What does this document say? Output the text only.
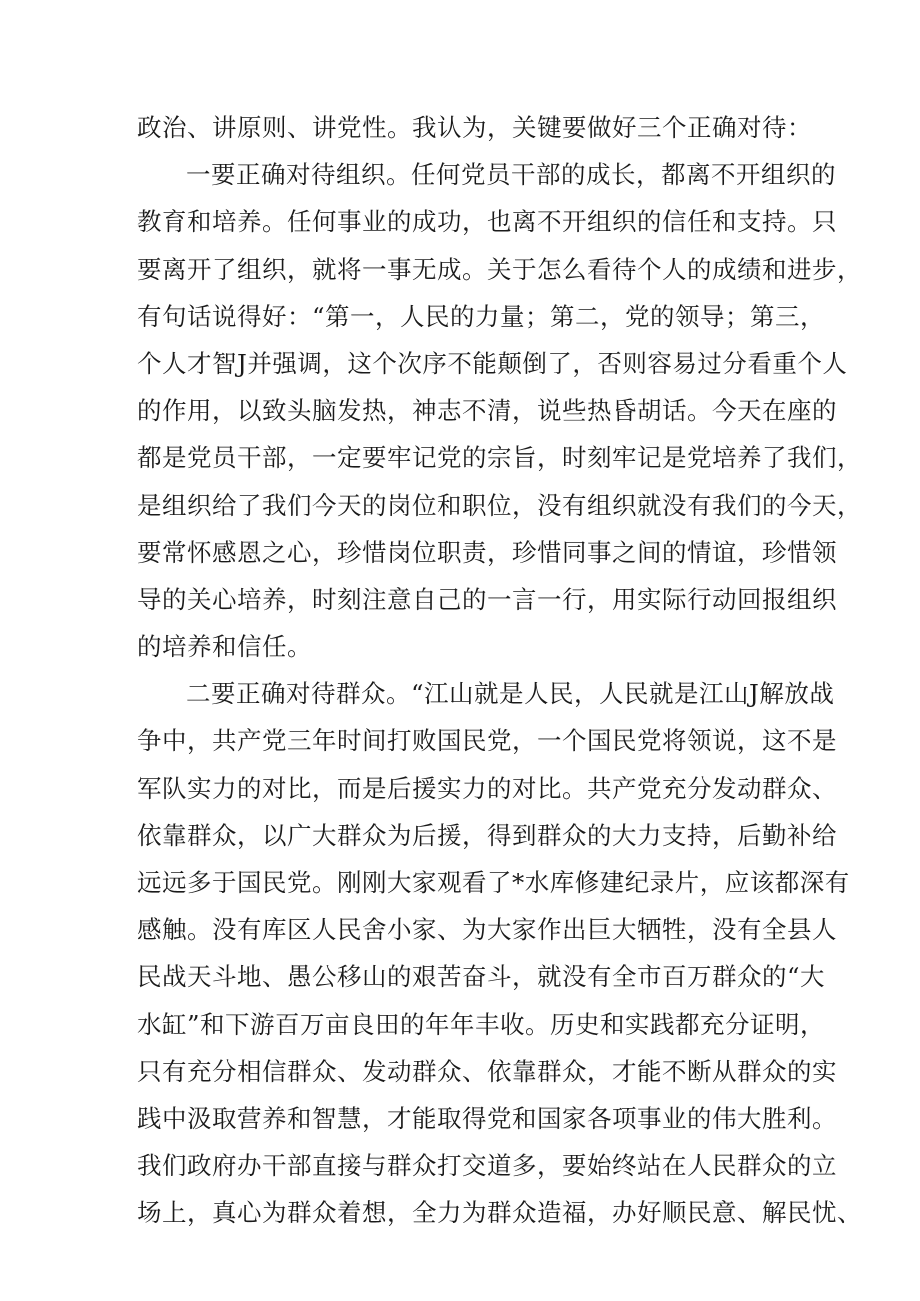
政治、讲原则、讲党性。我认为，关键要做好三个正确对待：
一要正确对待组织。任何党员干部的成长，都离不开组织的
教育和培养。任何事业的成功，也离不开组织的信任和支持。只
要离开了组织，就将一事无成。关于怎么看待个人的成绩和进步，
有句话说得好：“第一，人民的力量；第二，党的领导；第三，
个人才智J并强调，这个次序不能颠倒了，否则容易过分看重个人
的作用，以致头脑发热，神志不清，说些热昏胡话。今天在座的
都是党员干部，一定要牢记党的宗旨，时刻牢记是党培养了我们，
是组织给了我们今天的岗位和职位，没有组织就没有我们的今天，
要常怀感恩之心，珍惜岗位职责，珍惜同事之间的情谊，珍惜领
导的关心培养，时刻注意自己的一言一行，用实际行动回报组织
的培养和信任。
二要正确对待群众。“江山就是人民，人民就是江山J解放战
争中，共产党三年时间打败国民党，一个国民党将领说，这不是
军队实力的对比，而是后援实力的对比。共产党充分发动群众、
依靠群众，以广大群众为后援，得到群众的大力支持，后勤补给
远远多于国民党。刚刚大家观看了*水库修建纪录片，应该都深有
感触。没有库区人民舍小家、为大家作出巨大牺牲，没有全县人
民战天斗地、愚公移山的艰苦奋斗，就没有全市百万群众的“大
水缸”和下游百万亩良田的年年丰收。历史和实践都充分证明，
只有充分相信群众、发动群众、依靠群众，才能不断从群众的实
践中汲取营养和智慧，才能取得党和国家各项事业的伟大胜利。
我们政府办干部直接与群众打交道多，要始终站在人民群众的立
场上，真心为群众着想，全力为群众造福，办好顺民意、解民忧、
